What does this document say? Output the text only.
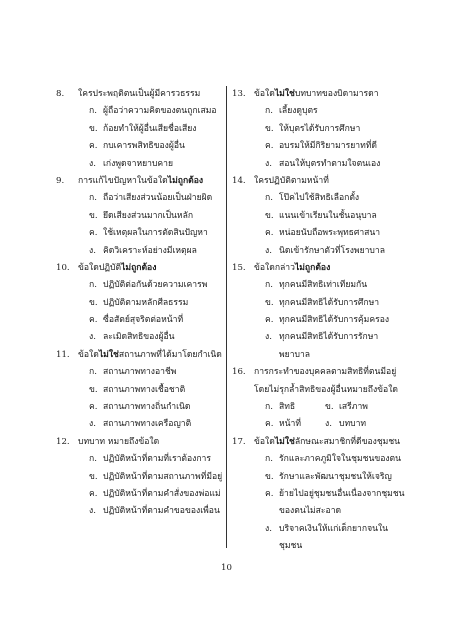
8.	ใครประพฤติตนเป็นผู้มีคารวธรรม
ก. ผู้ถือว่าความคิดของตนถูกเสมอ
ข. ก้อยทำให้ผู้อื่นเสียชื่อเสียง
ค. กบเคารพสิทธิของผู้อื่น
ง. เก่งพูดจาหยาบคาย
9.	การแก้ไขปัญหาในข้อใดไม่ถูกต้อง
ก. ถือว่าเสียงส่วนน้อยเป็นฝ่ายผิด
ข. ยึดเสียงส่วนมากเป็นหลัก
ค. ใช้เหตุผลในการตัดสินปัญหา
ง. คิดวิเคราะห์อย่างมีเหตุผล
10. ข้อใดปฏิบัติไม่ถูกต้อง
ก. ปฏิบัติต่อกันด้วยความเคารพ
ข. ปฏิบัติตามหลักศีลธรรม
ค. ซื่อสัตย์สุจริตต่อหน้าที่
ง. ละเมิดสิทธิของผู้อื่น
11. ข้อใดไม่ใช่สถานภาพที่ได้มาโดยกำเนิด
ก. สถานภาพทางอาชีพ
ข. สถานภาพทางเชื้อชาติ
ค. สถานภาพทางถิ่นกำเนิด
ง. สถานภาพทางเครือญาติ
12. บทบาท หมายถึงข้อใด
ก. ปฏิบัติหน้าที่ตามที่เราต้องการ
ข. ปฏิบัติหน้าที่ตามสถานภาพที่มีอยู่
ค. ปฏิบัติหน้าที่ตามคำสั่งของพ่อแม่
ง. ปฏิบัติหน้าที่ตามคำขอของเพื่อน
13. ข้อใดไม่ใช่บทบาทของบิดามารดา
ก. เลี้ยงดูบุตร
ข. ให้บุตรได้รับการศึกษา
ค. อบรมให้มีกิริยามารยาทที่ดี
ง. สอนให้บุตรทำตามใจตนเอง
14. ใครปฏิบัติตามหน้าที่
ก. โป๊คไปใช้สิทธิเลือกตั้ง
ข. แนนเข้าเรียนในชั้นอนุบาล
ค. หน่อยนับถือพระพุทธศาสนา
ง. นิดเข้ารักษาตัวที่โรงพยาบาล
15. ข้อใดกล่าวไม่ถูกต้อง
ก. ทุกคนมีสิทธิเท่าเทียมกัน
ข. ทุกคนมีสิทธิได้รับการศึกษา
ค. ทุกคนมีสิทธิได้รับการคุ้มครอง
ง. ทุกคนมีสิทธิได้รับการรักษา
พยาบาล
16. การกระทำของบุคคลตามสิทธิที่ตนมีอยู่
โดยไม่รุกล้ำสิทธิของผู้อื่นหมายถึงข้อใด
ก. สิทธิ	ข. เสรีภาพ
ค. หน้าที่	ง. บทบาท
17. ข้อใดไม่ใช่ลักษณะสมาชิกที่ดีของชุมชน
ก. รักและภาคภูมิใจในชุมชนของตน
ข. รักษาและพัฒนาชุมชนให้เจริญ
ค. ย้ายไปอยู่ชุมชนอื่นเนื่องจากชุมชน
ของตนไม่สะอาด
ง. บริจาคเงินให้แก่เด็กยากจนใน
ชุมชน
10
